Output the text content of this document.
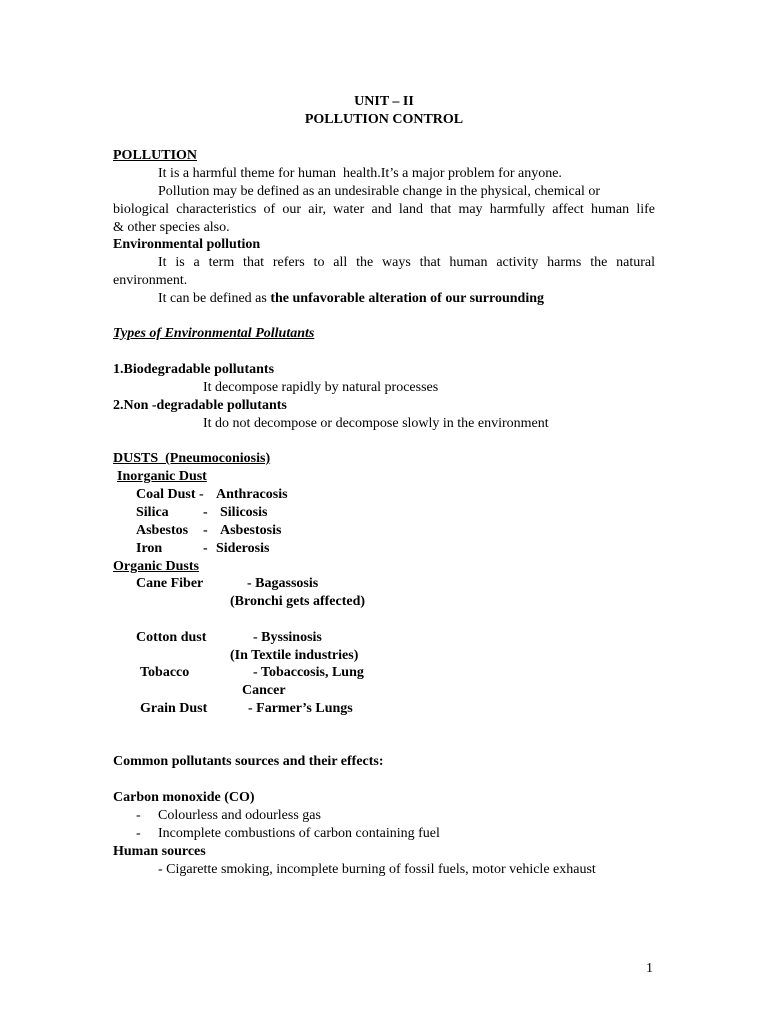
UNIT – II
POLLUTION CONTROL
POLLUTION
It is a harmful theme for human  health.It’s a major problem for anyone.
Pollution may be defined as an undesirable change in the physical, chemical or
biological characteristics of our air, water and land that may harmfully affect human life
& other species also.
Environmental pollution
It is a term that refers to all the ways that human activity harms the natural
environment.
It can be defined as the unfavorable alteration of our surrounding
Types of Environmental Pollutants
1.Biodegradable pollutants
It decompose rapidly by natural processes
2.Non -degradable pollutants
It do not decompose or decompose slowly in the environment
DUSTS  (Pneumoconiosis)
Inorganic Dust
Coal Dust - Anthracosis
Silica - Silicosis
Asbestos - Asbestosis
Iron	- Siderosis
Organic Dusts
Cane Fiber	- Bagassosis
(Bronchi gets affected)
Cotton dust	- Byssinosis
(In Textile industries)
Tobacco	- Tobaccosis, Lung
Cancer
Grain Dust	- Farmer’s Lungs
Common pollutants sources and their effects:
Carbon monoxide (CO)
- Colourless and odourless gas
- Incomplete combustions of carbon containing fuel
Human sources
- Cigarette smoking, incomplete burning of fossil fuels, motor vehicle exhaust
1
